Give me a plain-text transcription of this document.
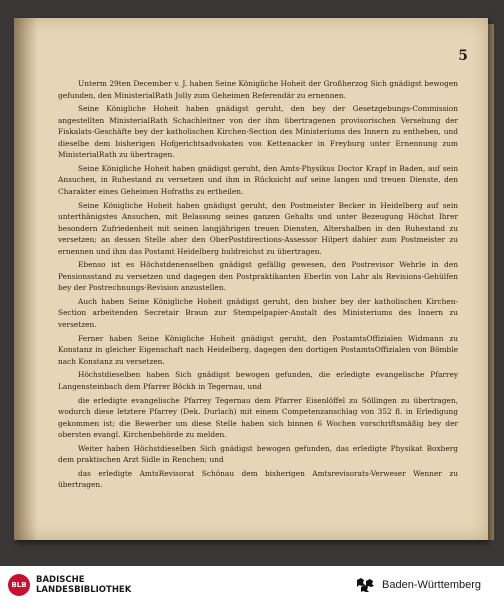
5

Unterm 29ten December v. J. haben Seine Königliche Hoheit der Großherzog Sich gnädigst bewogen gefunden, den MinisterialRath Jolly zum Geheimen Referendär zu ernennen.

Seine Königliche Hoheit haben gnädigst geruht, den bey der Gesetzgebungs-Commission angestellten MinisterialRath Schachleitner von der ihm übertragenen provisorischen Versehung der Fiskalats-Geschäfte bey der katholischen Kirchen-Section des Ministeriums des Innern zu entheben, und dieselbe dem bisherigen Hofgerichtsadvokaten von Kettenacker in Freyburg unter Ernennung zum MinisterialRath zu übertragen.

Seine Königliche Hoheit haben gnädigst geruht, den Amts-Physikus Doctor Krapf in Baden, auf sein Ansuchen, in Ruhestand zu versetzen und ihm in Rücksicht auf seine langen und treuen Dienste, den Charakter eines Geheimen Hofraths zu ertheilen.

Seine Königliche Hoheit haben gnädigst geruht, den Postmeister Becker in Heidelberg auf sein unterthänigstes Ansuchen, mit Belassung seines ganzen Gehalts und unter Bezeugung Höchst Ihrer besondern Zufriedenheit mit seinen langjährigen treuen Diensten, Altershalben in den Ruhestand zu versetzen; an dessen Stelle aber den OberPostdirections-Assessor Hilpert dahier zum Postmeister zu ernennen und ihm das Postamt Heidelberg huldreichst zu übertragen.

Ebenso ist es Höchstdenenselben gnädigst gefällig gewesen, den Postrevisor Wehrle in den Pensionsstand zu versetzen und dagegen den Postpraktikanten Eberlin von Lahr als Revisions-Gehülfen bey der Postrechnungs-Revision anzustellen.

Auch haben Seine Königliche Hoheit gnädigst geruht, den bisher bey der katholischen Kirchen-Section arbeitenden Secretair Braun zur Stempelpapier-Anstalt des Ministeriums des Innern zu versetzen.

Ferner haben Seine Königliche Hoheit gnädigst geruht, den PostamtsOffizialen Widmann zu Konstanz in gleicher Eigenschaft nach Heidelberg, dagegen den dortigen PostamtsOffizialen von Bömble nach Konstanz zu versetzen.

Höchstdieselben haben Sich gnädigst bewogen gefunden, die erledigte evangelische Pfarrey Langensteinbach dem Pfarrer Böckh in Tegernau, und

die erledigte evangelische Pfarrey Tegernau dem Pfarrer Eisenlöffel zu Söllingen zu übertragen, wodurch diese letztere Pfarrey (Dek. Durlach) mit einem Competenzanschlag von 352 fl. in Erledigung gekommen ist; die Bewerber um diese Stelle haben sich binnen 6 Wochen vorschriftsmäßig bey der obersten evangl. Kirchenbehörde zu melden.

Weiter haben Höchstdieselben Sich gnädigst bewogen gefunden, das erledigte Physikat Boxberg dem praktischen Arzt Sidle in Renchen; und

das erledigte AmtsRevisorat Schönau dem bisherigen Amtsrevisorats-Verweser Wenner zu übertragen.

BLB	BADISCHE
LANDESBIBLIOTHEK	Baden-Württemberg
